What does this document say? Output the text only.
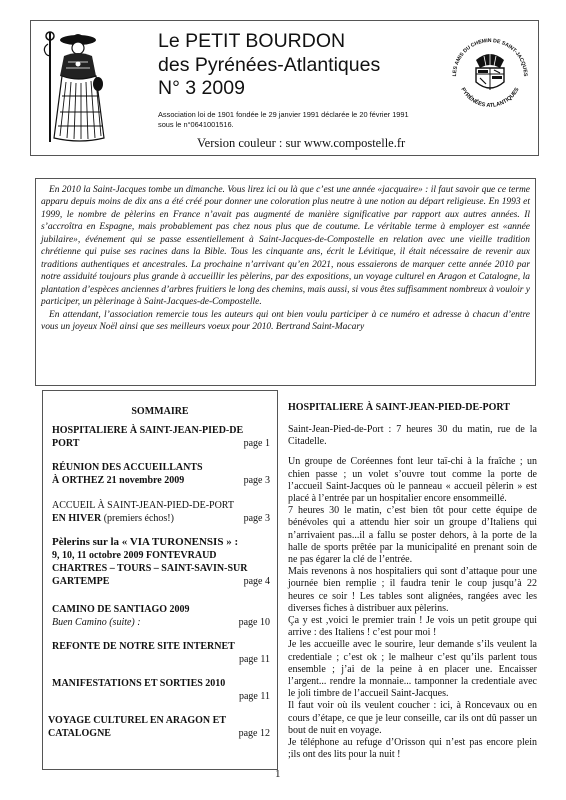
Le PETIT BOURDON
des Pyrénées-Atlantiques
N° 3 2009
Association loi de 1901 fondée le 29 janvier 1991 déclarée le 20 février 1991
sous le n°0641001516.
Version couleur : sur www.compostelle.fr
LES AMIS DU CHEMIN DE SAINT-JACQUES
PYRÉNÉES ATLANTIQUES

En 2010 la Saint-Jacques tombe un dimanche. Vous lirez ici ou là que c’est une année «jacquaire» : il faut savoir que ce terme apparu depuis moins de dix ans a été créé pour donner une coloration plus neutre à une notion au départ religieuse. En 1993 et 1999, le nombre de pèlerins en France n’avait pas augmenté de manière significative par rapport aux autres années. Il s’accroîtra en Espagne, mais probablement pas chez nous plus que de coutume. Le véritable terme à employer est «année jubilaire», événement qui se passe essentiellement à Saint-Jacques-de-Compostelle en relation avec une vieille tradition chrétienne qui puise ses racines dans la Bible. Tous les cinquante ans, écrit le Lévitique, il était nécessaire de revenir aux traditions authentiques et ancestrales. La prochaine n’arrivant qu’en 2021, nous essaierons de marquer cette année 2010 par notre assiduité toujours plus grande à accueillir les pèlerins, par des expositions, un voyage culturel en Aragon et Catalogne, la plantation d’espèces anciennes d’arbres fruitiers le long des chemins, mais aussi, si vous êtes suffisamment nombreux à vouloir y participer, un pèlerinage à Saint-Jacques-de-Compostelle.

En attendant, l’association remercie tous les auteurs qui ont bien voulu participer à ce numéro et adresse à chacun d’entre vous un joyeux Noël ainsi que ses meilleurs voeux pour 2010. Bertrand Saint-Macary

SOMMAIRE
HOSPITALIERE À SAINT-JEAN-PIED-DE
PORT	page 1
RÉUNION DES ACCUEILLANTS
À ORTHEZ 21 novembre 2009	page 3
ACCUEIL À SAINT-JEAN-PIED-DE-PORT
EN HIVER (premiers échos!)	page 3
Pèlerins sur la « VIA TURONENSIS » :
9, 10, 11 octobre 2009 FONTEVRAUD
CHARTRES – TOURS – SAINT-SAVIN-SUR
GARTEMPE	page 4
CAMINO DE SANTIAGO 2009
Buen Camino (suite) :	page 10
REFONTE DE NOTRE SITE INTERNET
page 11
MANIFESTATIONS ET SORTIES 2010
page 11
VOYAGE CULTUREL EN ARAGON ET
CATALOGNE	page 12
HOSPITALIERE À SAINT-JEAN-PIED-DE-PORT

Saint-Jean-Pied-de-Port : 7 heures 30 du matin, rue de la Citadelle.

Un groupe de Coréennes font leur taï-chi à la fraîche ; un chien passe ; un volet s’ouvre tout comme la porte de l’accueil Saint-Jacques où le panneau « accueil pèlerin » est placé à l’entrée par un hospitalier encore ensommeillé.

7 heures 30 le matin, c’est bien tôt pour cette équipe de bénévoles qui a attendu hier soir un groupe d’Italiens qui n’arrivaient pas...il a fallu se poster dehors, à la porte de la halle de sports prêtée par la municipalité en prenant soin de ne pas égarer la clé de l’entrée.

Mais revenons à nos hospitaliers qui sont d’attaque pour une journée bien remplie ; il faudra tenir le coup jusqu’à 22 heures ce soir ! Les tables sont alignées, rangées avec les diverses fiches à distribuer aux pèlerins.

Ça y est ,voici le premier train ! Je vois un petit groupe qui arrive : des Italiens ! c’est pour moi !

Je les accueille avec le sourire, leur demande s’ils veulent la credentiale ; c’est ok ; le malheur c’est qu’ils parlent tous ensemble ; j’ai de la peine à en placer une. Encaisser l’argent... rendre la monnaie... tamponner la credentiale avec le joli timbre de l’accueil Saint-Jacques.

Il faut voir où ils veulent coucher : ici, à Roncevaux ou en cours d’étape, ce que je leur conseille, car ils ont dû passer un bout de nuit en voyage.

Je téléphone au refuge d’Orisson qui n’est pas encore plein ;ils ont des lits pour la nuit !

1
